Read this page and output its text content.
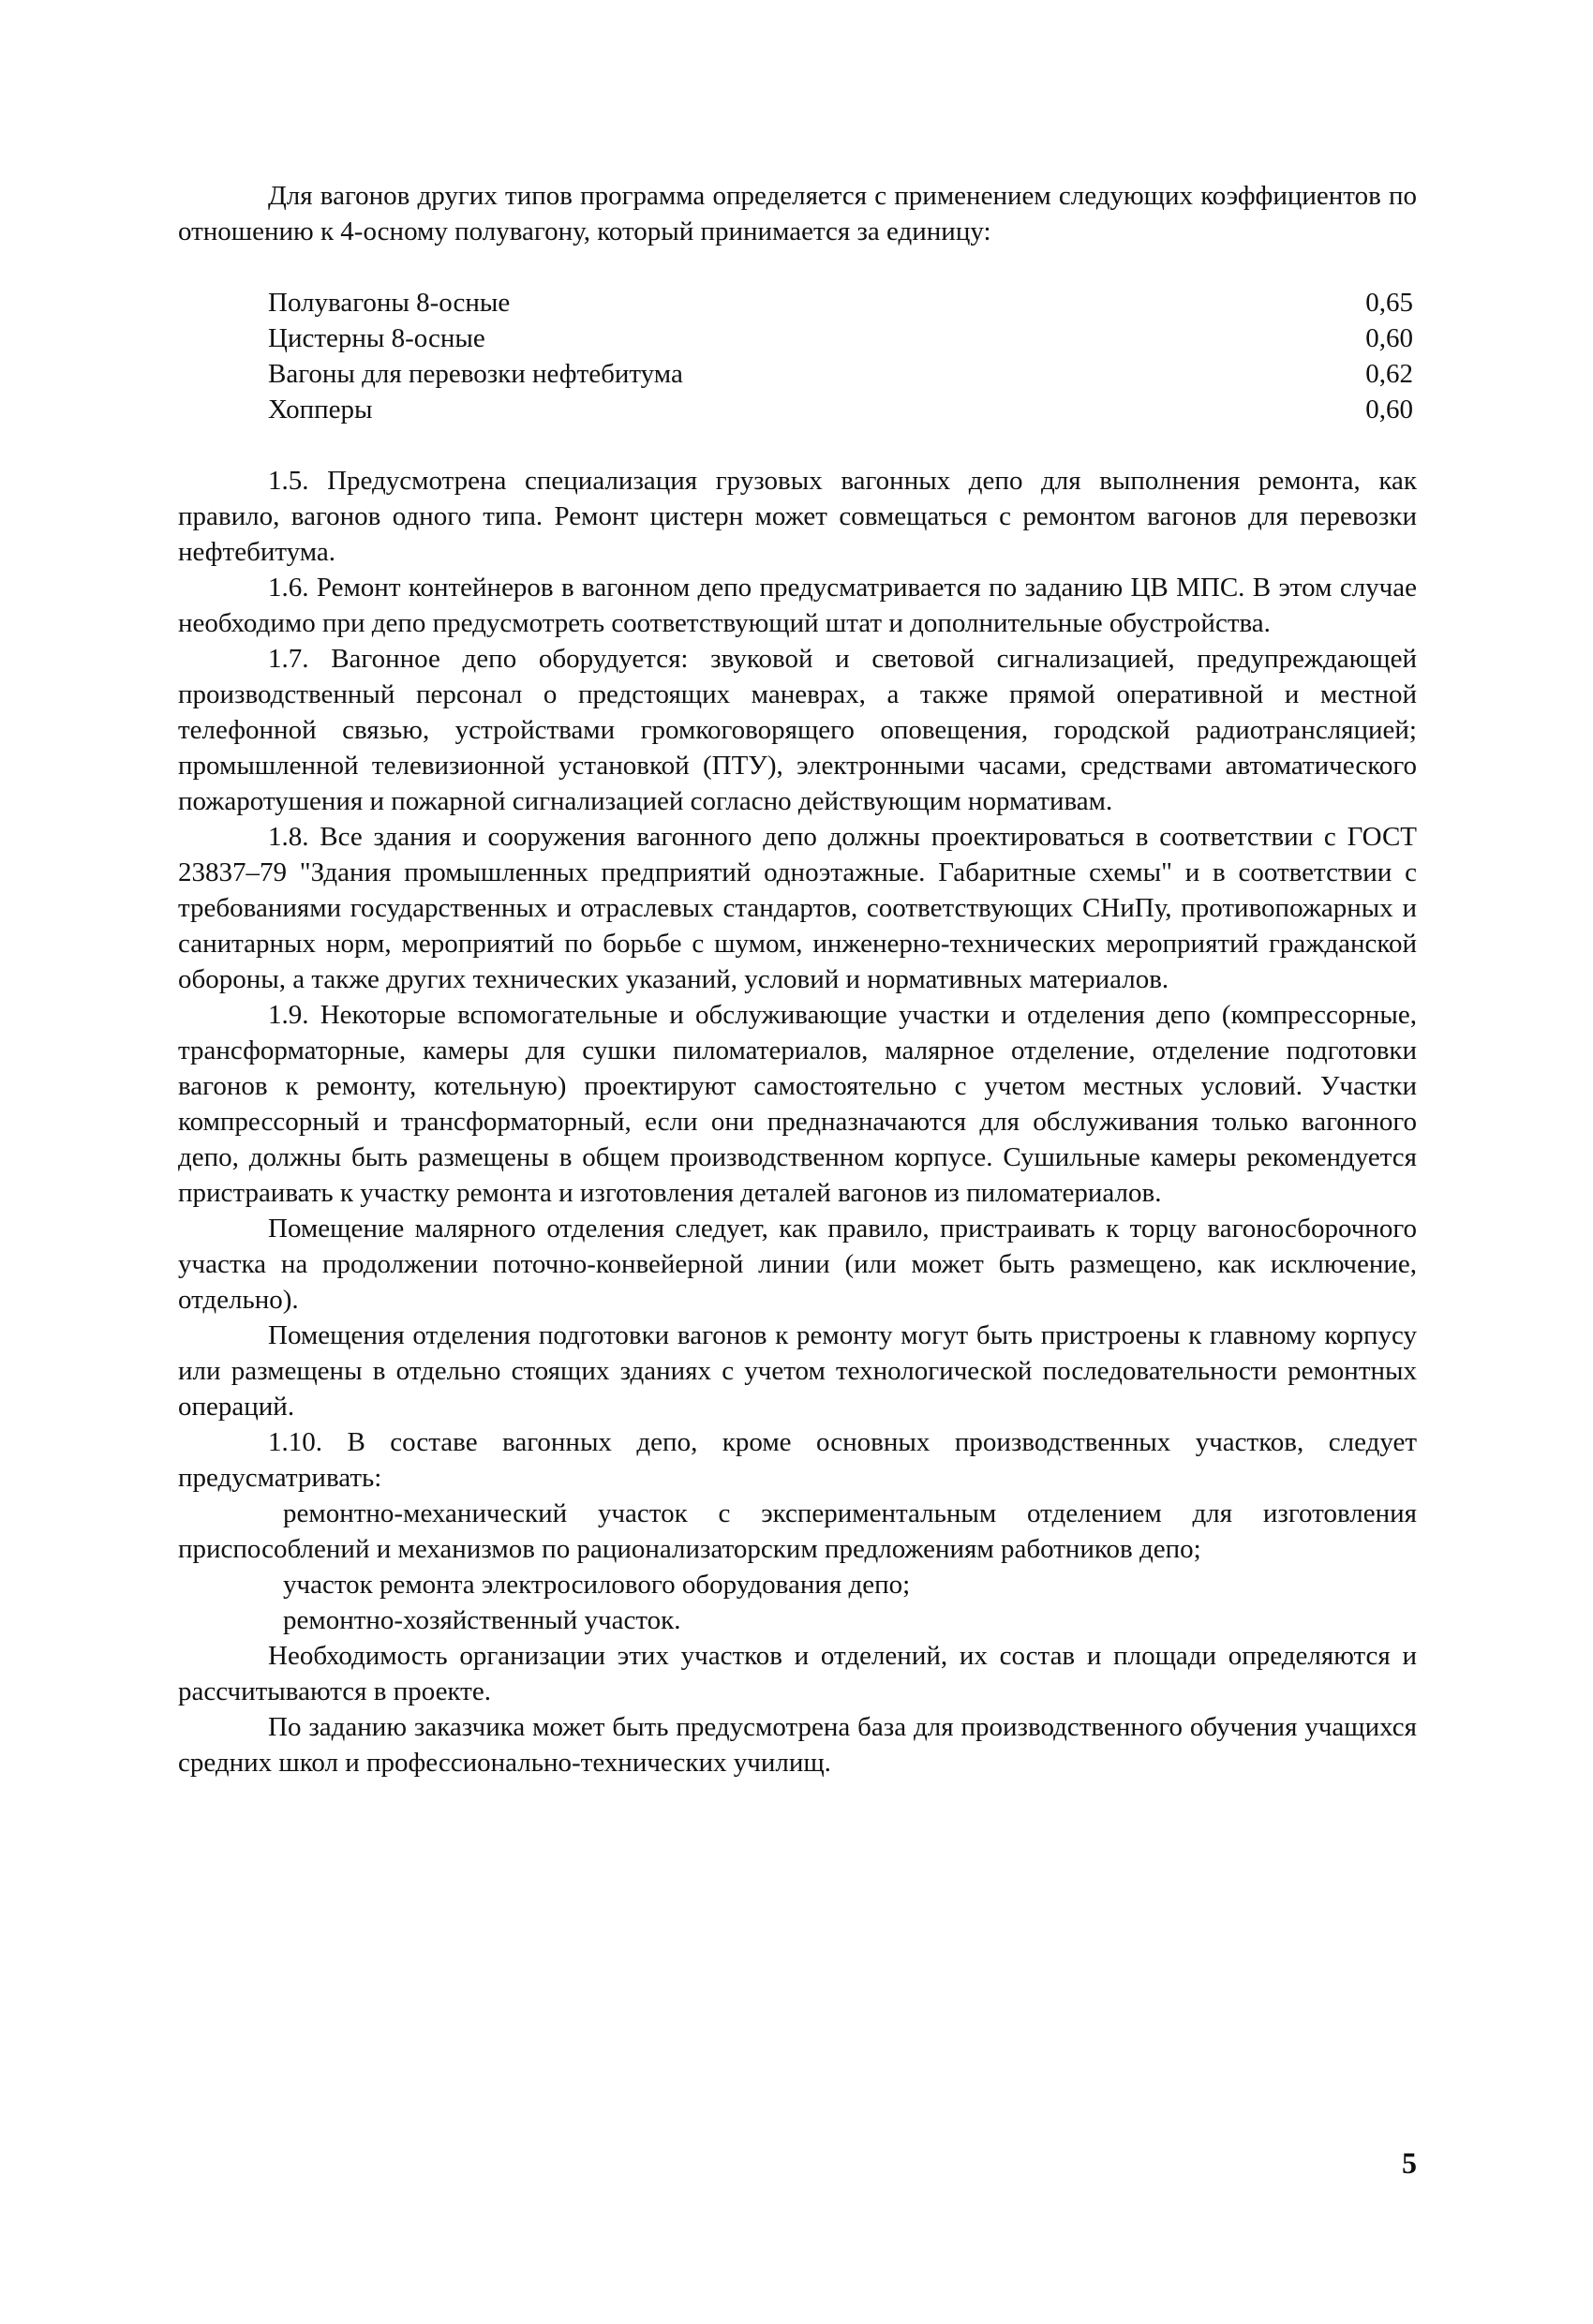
Для вагонов других типов программа определяется с применением следующих коэффициентов по отношению к 4-осному полувагону, который принимается за единицу:

Полувагоны 8-осные	0,65
Цистерны 8-осные	0,60
Вагоны для перевозки нефтебитума	0,62
Хопперы	0,60

1.5. Предусмотрена специализация грузовых вагонных депо для выполнения ремонта, как правило, вагонов одного типа. Ремонт цистерн может совмещаться с ремонтом вагонов для перевозки нефтебитума.

1.6. Ремонт контейнеров в вагонном депо предусматривается по заданию ЦВ МПС. В этом случае необходимо при депо предусмотреть соответствующий штат и дополнительные обустройства.

1.7. Вагонное депо оборудуется: звуковой и световой сигнализацией, предупреждающей производственный персонал о предстоящих маневрах, а также прямой оперативной и местной телефонной связью, устройствами громкоговорящего оповещения, городской радиотрансляцией; промышленной телевизионной установкой (ПТУ), электронными часами, средствами автоматического пожаротушения и пожарной сигнализацией согласно действующим нормативам.

1.8. Все здания и сооружения вагонного депо должны проектироваться в соответствии с ГОСТ 23837–79 "Здания промышленных предприятий одноэтажные. Габаритные схемы" и в соответствии с требованиями государственных и отраслевых стандартов, соответствующих СНиПу, противопожарных и санитарных норм, мероприятий по борьбе с шумом, инженерно-технических мероприятий гражданской обороны, а также других технических указаний, условий и нормативных материалов.

1.9. Некоторые вспомогательные и обслуживающие участки и отделения депо (компрессорные, трансформаторные, камеры для сушки пиломатериалов, малярное отделение, отделение подготовки вагонов к ремонту, котельную) проектируют самостоятельно с учетом местных условий. Участки компрессорный и трансформаторный, если они предназначаются для обслуживания только вагонного депо, должны быть размещены в общем производственном корпусе. Сушильные камеры рекомендуется пристраивать к участку ремонта и изготовления деталей вагонов из пиломатериалов.

Помещение малярного отделения следует, как правило, пристраивать к торцу вагоносборочного участка на продолжении поточно-конвейерной линии (или может быть размещено, как исключение, отдельно).

Помещения отделения подготовки вагонов к ремонту могут быть пристроены к главному корпусу или размещены в отдельно стоящих зданиях с учетом технологической последовательности ремонтных операций.

1.10. В составе вагонных депо, кроме основных производственных участков, следует предусматривать:

ремонтно-механический участок с экспериментальным отделением для изготовления приспособлений и механизмов по рационализаторским предложениям работников депо;

участок ремонта электросилового оборудования депо;

ремонтно-хозяйственный участок.

Необходимость организации этих участков и отделений, их состав и площади определяются и рассчитываются в проекте.

По заданию заказчика может быть предусмотрена база для производственного обучения учащихся средних школ и профессионально-технических училищ.

5
